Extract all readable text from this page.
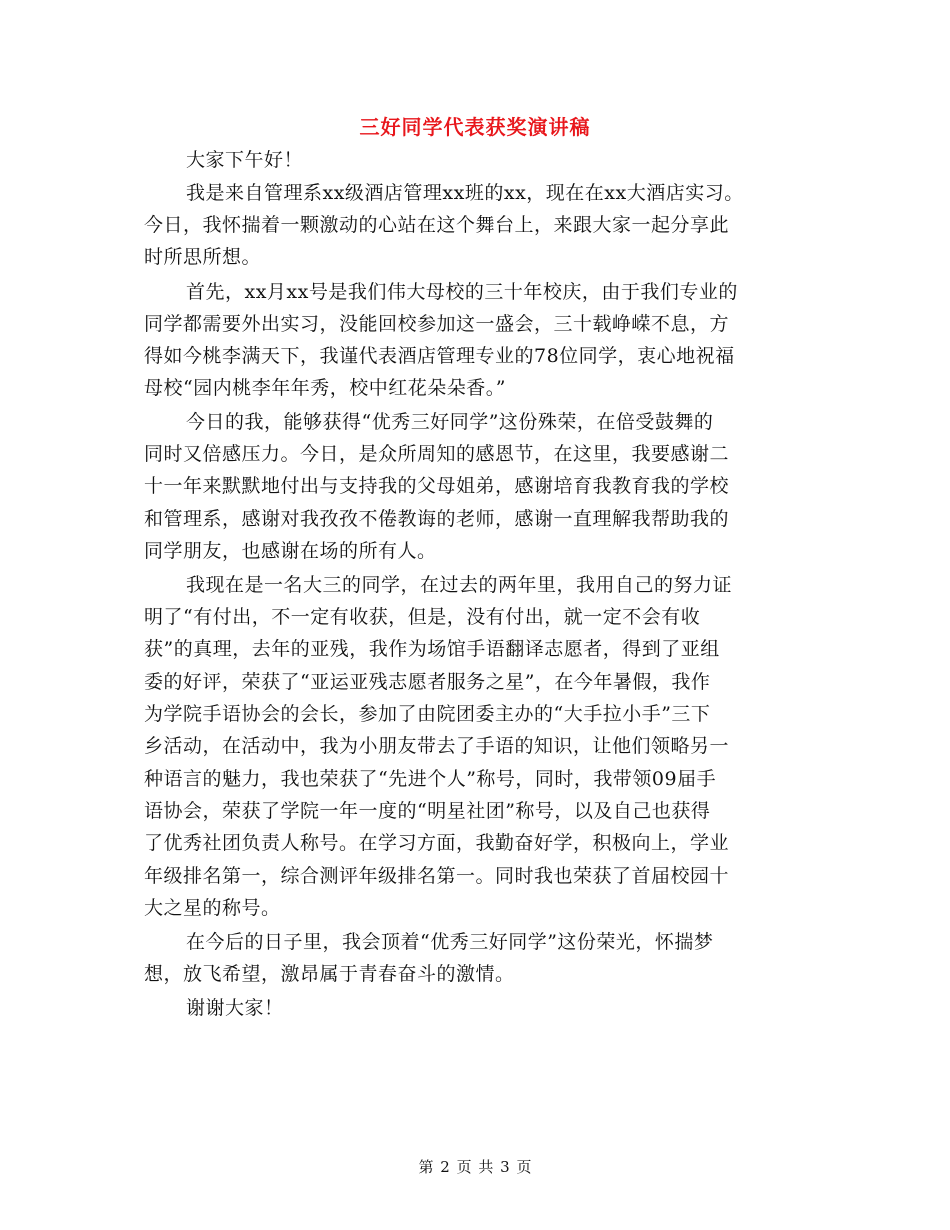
三好同学代表获奖演讲稿
大家下午好！
我是来自管理系xx级酒店管理xx班的xx，现在在xx大酒店实习。
今日，我怀揣着一颗激动的心站在这个舞台上，来跟大家一起分享此
时所思所想。
首先，xx月xx号是我们伟大母校的三十年校庆，由于我们专业的
同学都需要外出实习，没能回校参加这一盛会，三十载峥嵘不息，方
得如今桃李满天下，我谨代表酒店管理专业的78位同学，衷心地祝福
母校“园内桃李年年秀，校中红花朵朵香。”
今日的我，能够获得“优秀三好同学”这份殊荣，在倍受鼓舞的
同时又倍感压力。今日，是众所周知的感恩节，在这里，我要感谢二
十一年来默默地付出与支持我的父母姐弟，感谢培育我教育我的学校
和管理系，感谢对我孜孜不倦教诲的老师，感谢一直理解我帮助我的
同学朋友，也感谢在场的所有人。
我现在是一名大三的同学，在过去的两年里，我用自己的努力证
明了“有付出，不一定有收获，但是，没有付出，就一定不会有收
获”的真理，去年的亚残，我作为场馆手语翻译志愿者，得到了亚组
委的好评，荣获了“亚运亚残志愿者服务之星”，在今年暑假，我作
为学院手语协会的会长，参加了由院团委主办的“大手拉小手”三下
乡活动，在活动中，我为小朋友带去了手语的知识，让他们领略另一
种语言的魅力，我也荣获了“先进个人”称号，同时，我带领09届手
语协会，荣获了学院一年一度的“明星社团”称号，以及自己也获得
了优秀社团负责人称号。在学习方面，我勤奋好学，积极向上，学业
年级排名第一，综合测评年级排名第一。同时我也荣获了首届校园十
大之星的称号。
在今后的日子里，我会顶着“优秀三好同学”这份荣光，怀揣梦
想，放飞希望，激昂属于青春奋斗的激情。
谢谢大家！
第 2 页 共 3 页
